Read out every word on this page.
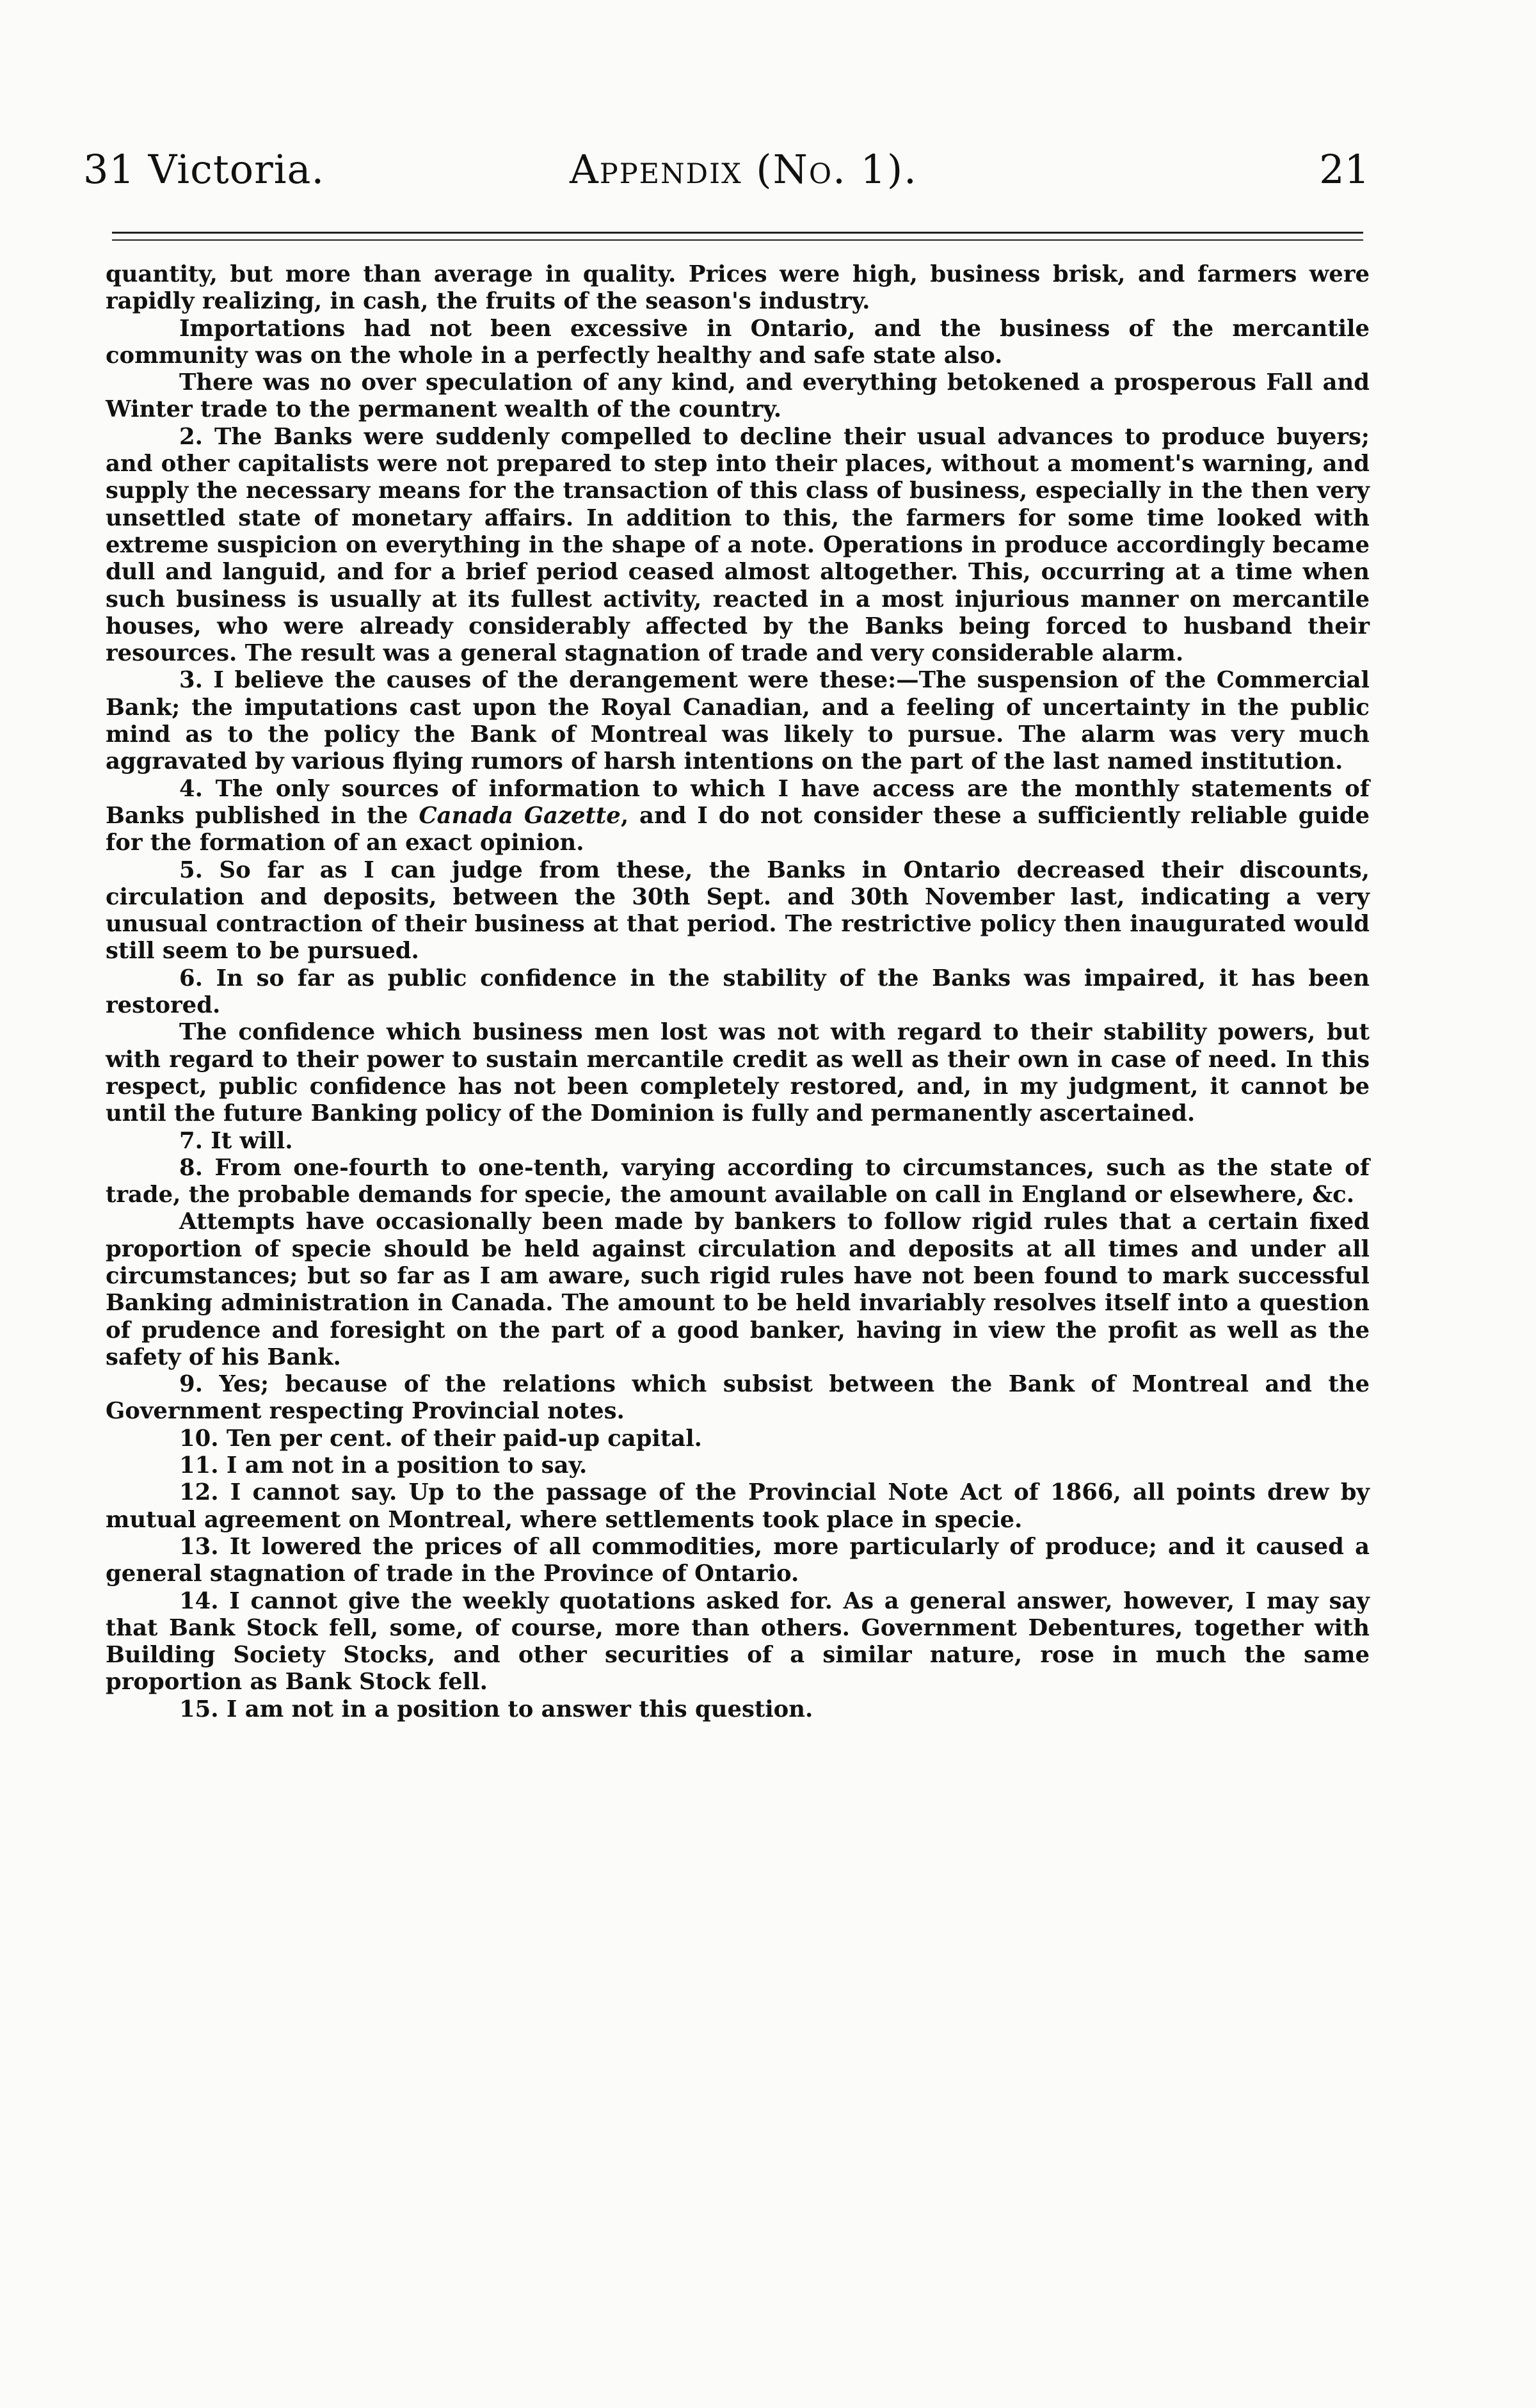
31 Victoria.	Appendix (No. 1).	21

quantity, but more than average in quality. Prices were high, business brisk, and farmers were rapidly realizing, in cash, the fruits of the season's industry.

Importations had not been excessive in Ontario, and the business of the mercantile community was on the whole in a perfectly healthy and safe state also.

There was no over speculation of any kind, and everything betokened a prosperous Fall and Winter trade to the permanent wealth of the country.

2. The Banks were suddenly compelled to decline their usual advances to produce buyers; and other capitalists were not prepared to step into their places, without a moment's warning, and supply the necessary means for the transaction of this class of business, especially in the then very unsettled state of monetary affairs. In addition to this, the farmers for some time looked with extreme suspicion on everything in the shape of a note. Operations in produce accordingly became dull and languid, and for a brief period ceased almost altogether. This, occurring at a time when such business is usually at its fullest activity, reacted in a most injurious manner on mercantile houses, who were already considerably affected by the Banks being forced to husband their resources. The result was a general stagnation of trade and very considerable alarm.

3. I believe the causes of the derangement were these:—The suspension of the Commercial Bank; the imputations cast upon the Royal Canadian, and a feeling of uncertainty in the public mind as to the policy the Bank of Montreal was likely to pursue. The alarm was very much aggravated by various flying rumors of harsh intentions on the part of the last named institution.

4. The only sources of information to which I have access are the monthly statements of Banks published in the Canada Gazette, and I do not consider these a sufficiently reliable guide for the formation of an exact opinion.

5. So far as I can judge from these, the Banks in Ontario decreased their discounts, circulation and deposits, between the 30th Sept. and 30th November last, indicating a very unusual contraction of their business at that period. The restrictive policy then inaugurated would still seem to be pursued.

6. In so far as public confidence in the stability of the Banks was impaired, it has been restored.

The confidence which business men lost was not with regard to their stability powers, but with regard to their power to sustain mercantile credit as well as their own in case of need. In this respect, public confidence has not been completely restored, and, in my judgment, it cannot be until the future Banking policy of the Dominion is fully and permanently ascertained.

7. It will.

8. From one-fourth to one-tenth, varying according to circumstances, such as the state of trade, the probable demands for specie, the amount available on call in England or elsewhere, &c.

Attempts have occasionally been made by bankers to follow rigid rules that a certain fixed proportion of specie should be held against circulation and deposits at all times and under all circumstances; but so far as I am aware, such rigid rules have not been found to mark successful Banking administration in Canada. The amount to be held invariably resolves itself into a question of prudence and foresight on the part of a good banker, having in view the profit as well as the safety of his Bank.

9. Yes; because of the relations which subsist between the Bank of Montreal and the Government respecting Provincial notes.

10. Ten per cent. of their paid-up capital.

11. I am not in a position to say.

12. I cannot say. Up to the passage of the Provincial Note Act of 1866, all points drew by mutual agreement on Montreal, where settlements took place in specie.

13. It lowered the prices of all commodities, more particularly of produce; and it caused a general stagnation of trade in the Province of Ontario.

14. I cannot give the weekly quotations asked for. As a general answer, however, I may say that Bank Stock fell, some, of course, more than others. Government Debentures, together with Building Society Stocks, and other securities of a similar nature, rose in much the same proportion as Bank Stock fell.

15. I am not in a position to answer this question.
